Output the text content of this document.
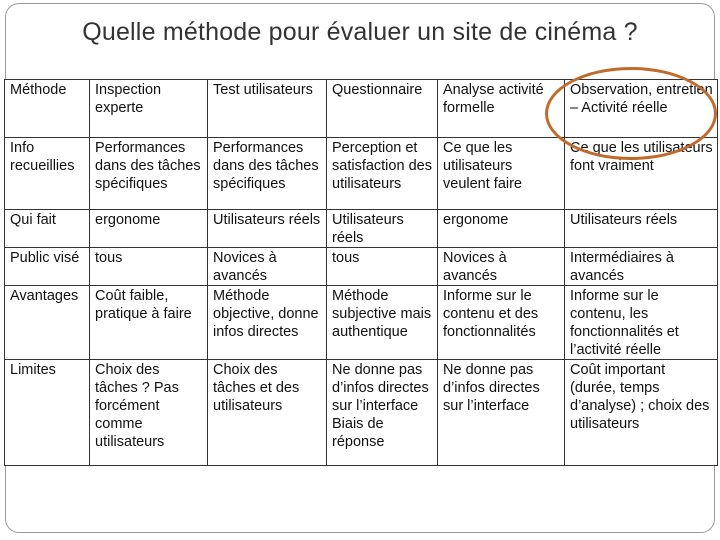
Quelle méthode pour évaluer un site de cinéma ?
Méthode	Inspection experte	Test utilisateurs	Questionnaire	Analyse activité formelle	Observation, entretien – Activité réelle
Info recueillies	Performances dans des tâches spécifiques	Performances dans des tâches spécifiques	Perception et satisfaction des utilisateurs	Ce que les utilisateurs veulent faire	Ce que les utilisateurs font vraiment
Qui fait	ergonome	Utilisateurs réels	Utilisateurs réels	ergonome	Utilisateurs réels
Public visé	tous	Novices à avancés	tous	Novices à avancés	Intermédiaires à avancés
Avantages	Coût faible, pratique à faire	Méthode objective, donne infos directes	Méthode subjective mais authentique	Informe sur le contenu et des fonctionnalités	Informe sur le contenu, les fonctionnalités et l’activité réelle
Limites	Choix des tâches ? Pas forcément comme utilisateurs	Choix des tâches et des utilisateurs	Ne donne pas d’infos directes sur l’interface Biais de réponse	Ne donne pas d’infos directes sur l’interface	Coût important (durée, temps d’analyse) ; choix des utilisateurs
